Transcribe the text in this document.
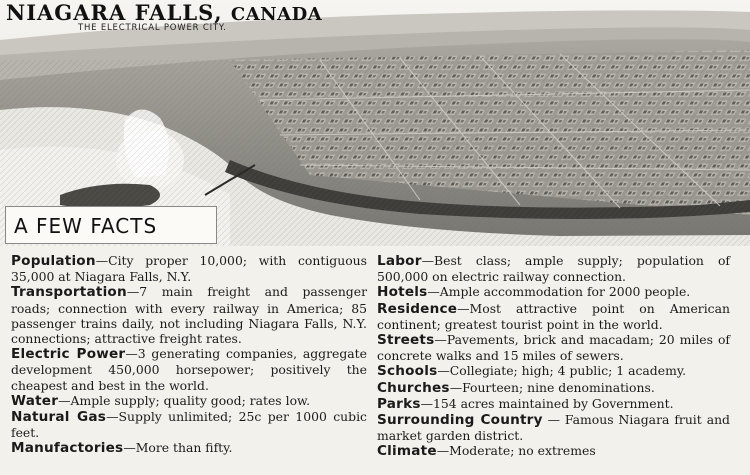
NIAGARA FALLS, CANADA
THE ELECTRICAL POWER CITY.
A FEW FACTS

Population—City proper 10,000; with contiguous 35,000 at Niagara Falls, N.Y.

Transportation—7 main freight and passenger roads; connection with every railway in America; 85 passenger trains daily, not including Niagara Falls, N.Y. connections; attractive freight rates.

Electric Power—3 generating companies, aggregate development 450,000 horsepower; positively the cheapest and best in the world.

Water—Ample supply; quality good; rates low.

Natural Gas—Supply unlimited; 25c per 1000 cubic feet.

Manufactories—More than fifty.

Labor—Best class; ample supply; population of 500,000 on electric railway connection.

Hotels—Ample accommodation for 2000 people.

Residence—Most attractive point on American continent; greatest tourist point in the world.

Streets—Pavements, brick and macadam; 20 miles of concrete walks and 15 miles of sewers.

Schools—Collegiate; high; 4 public; 1 academy.

Churches—Fourteen; nine denominations.

Parks—154 acres maintained by Government.

Surrounding Country — Famous Niagara fruit and market garden district.

Climate—Moderate; no extremes
